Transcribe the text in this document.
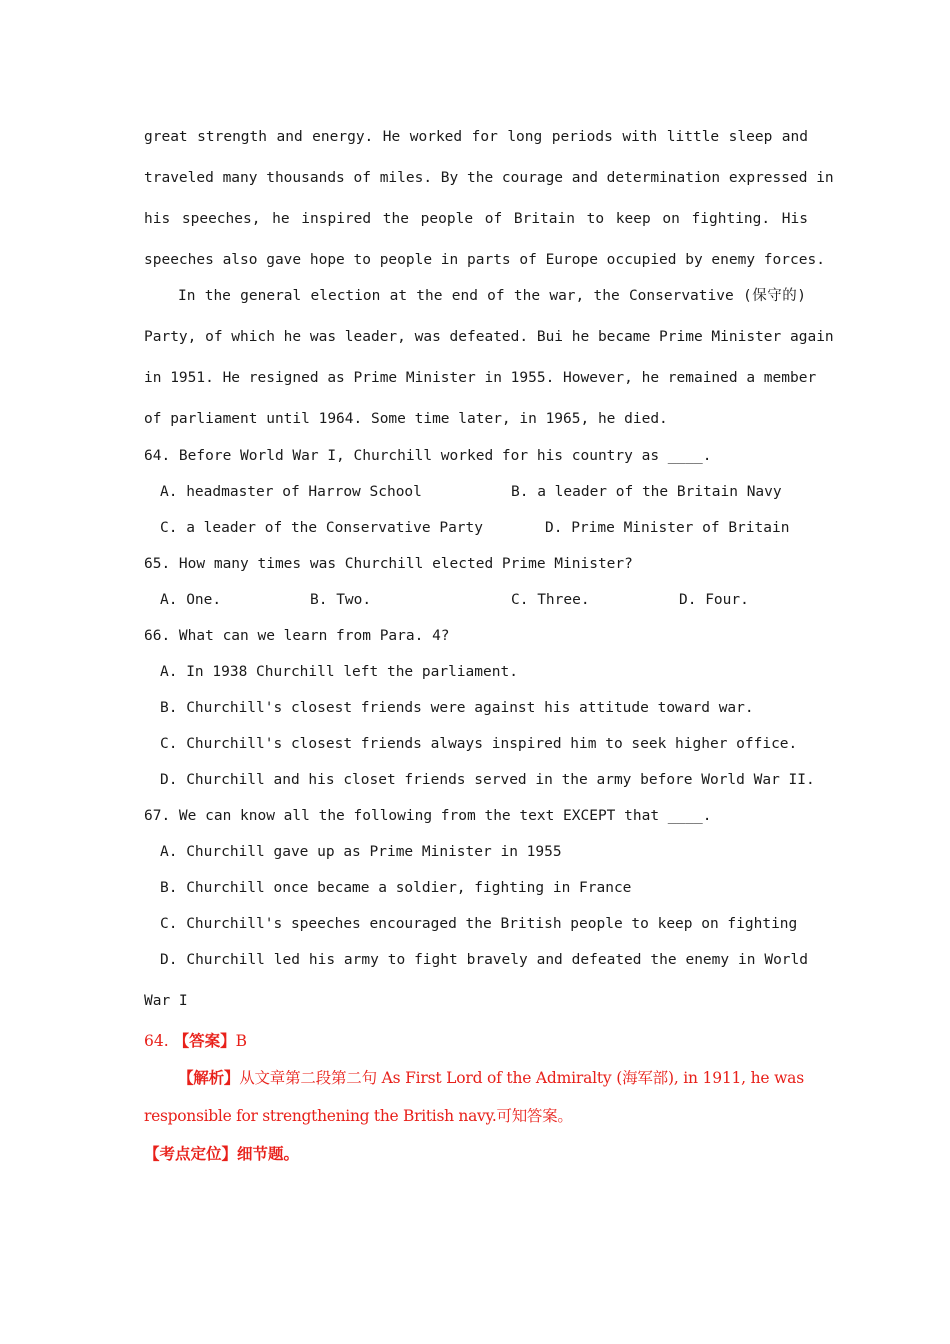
great strength and energy. He worked for long periods with little sleep and
traveled many thousands of miles. By the courage and determination expressed in
his speeches, he inspired the people of Britain to keep on fighting. His
speeches also gave hope to people in parts of Europe occupied by enemy forces.
In the general election at the end of the war, the Conservative (保守的)
Party, of which he was leader, was defeated. Bui he became Prime Minister again
in 1951. He resigned as Prime Minister in 1955. However, he remained a member
of parliament until 1964. Some time later, in 1965, he died.
64. Before World War I, Churchill worked for his country as ____.
A. headmaster of Harrow School	B. a leader of the Britain Navy
C. a leader of the Conservative Party	D. Prime Minister of Britain
65. How many times was Churchill elected Prime Minister?
A. One.	B. Two.	C. Three.	D. Four.
66. What can we learn from Para. 4?
A. In 1938 Churchill left the parliament.
B. Churchill's closest friends were against his attitude toward war.
C. Churchill's closest friends always inspired him to seek higher office.
D. Churchill and his closet friends served in the army before World War II.
67. We can know all the following from the text EXCEPT that ____.
A. Churchill gave up as Prime Minister in 1955
B. Churchill once became a soldier, fighting in France
C. Churchill's speeches encouraged the British people to keep on fighting
D. Churchill led his army to fight bravely and defeated the enemy in World
War I
64. 【答案】B
【解析】从文章第二段第二句 As First Lord of the Admiralty (海军部), in 1911, he was
responsible for strengthening the British navy.可知答案。
【考点定位】细节题。
